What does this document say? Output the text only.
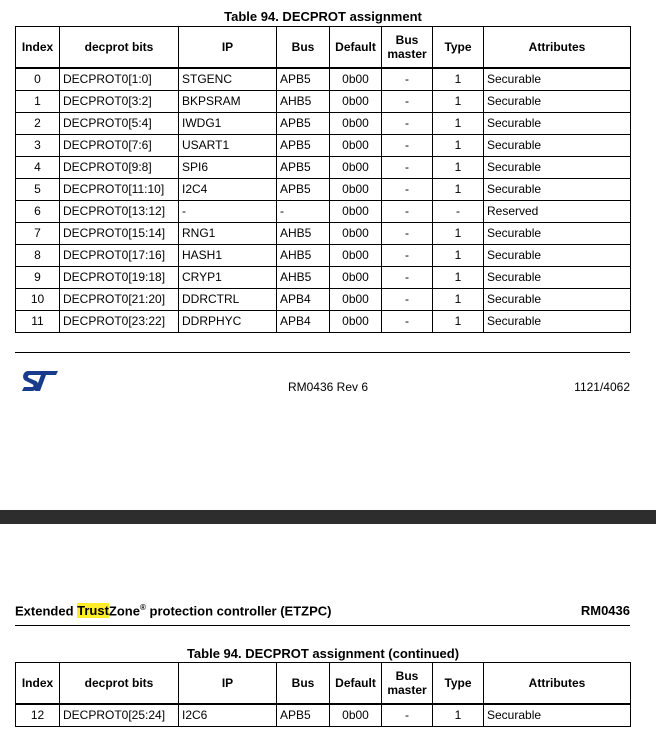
Table 94. DECPROT assignment
Index	decprot bits	IP	Bus	Default	Bus master	Type	Attributes
0	DECPROT0[1:0]	STGENC	APB5	0b00	-	1	Securable
1	DECPROT0[3:2]	BKPSRAM	AHB5	0b00	-	1	Securable
2	DECPROT0[5:4]	IWDG1	APB5	0b00	-	1	Securable
3	DECPROT0[7:6]	USART1	APB5	0b00	-	1	Securable
4	DECPROT0[9:8]	SPI6	APB5	0b00	-	1	Securable
5	DECPROT0[11:10]	I2C4	APB5	0b00	-	1	Securable
6	DECPROT0[13:12]	-	-	0b00	-	-	Reserved
7	DECPROT0[15:14]	RNG1	AHB5	0b00	-	1	Securable
8	DECPROT0[17:16]	HASH1	AHB5	0b00	-	1	Securable
9	DECPROT0[19:18]	CRYP1	AHB5	0b00	-	1	Securable
10	DECPROT0[21:20]	DDRCTRL	APB4	0b00	-	1	Securable
11	DECPROT0[23:22]	DDRPHYC	APB4	0b00	-	1	Securable
RM0436 Rev 6	1121/4062
Extended TrustZone® protection controller (ETZPC)	RM0436
Table 94. DECPROT assignment (continued)
Index	decprot bits	IP	Bus	Default	Bus master	Type	Attributes
12	DECPROT0[25:24]	I2C6	APB5	0b00	-	1	Securable
